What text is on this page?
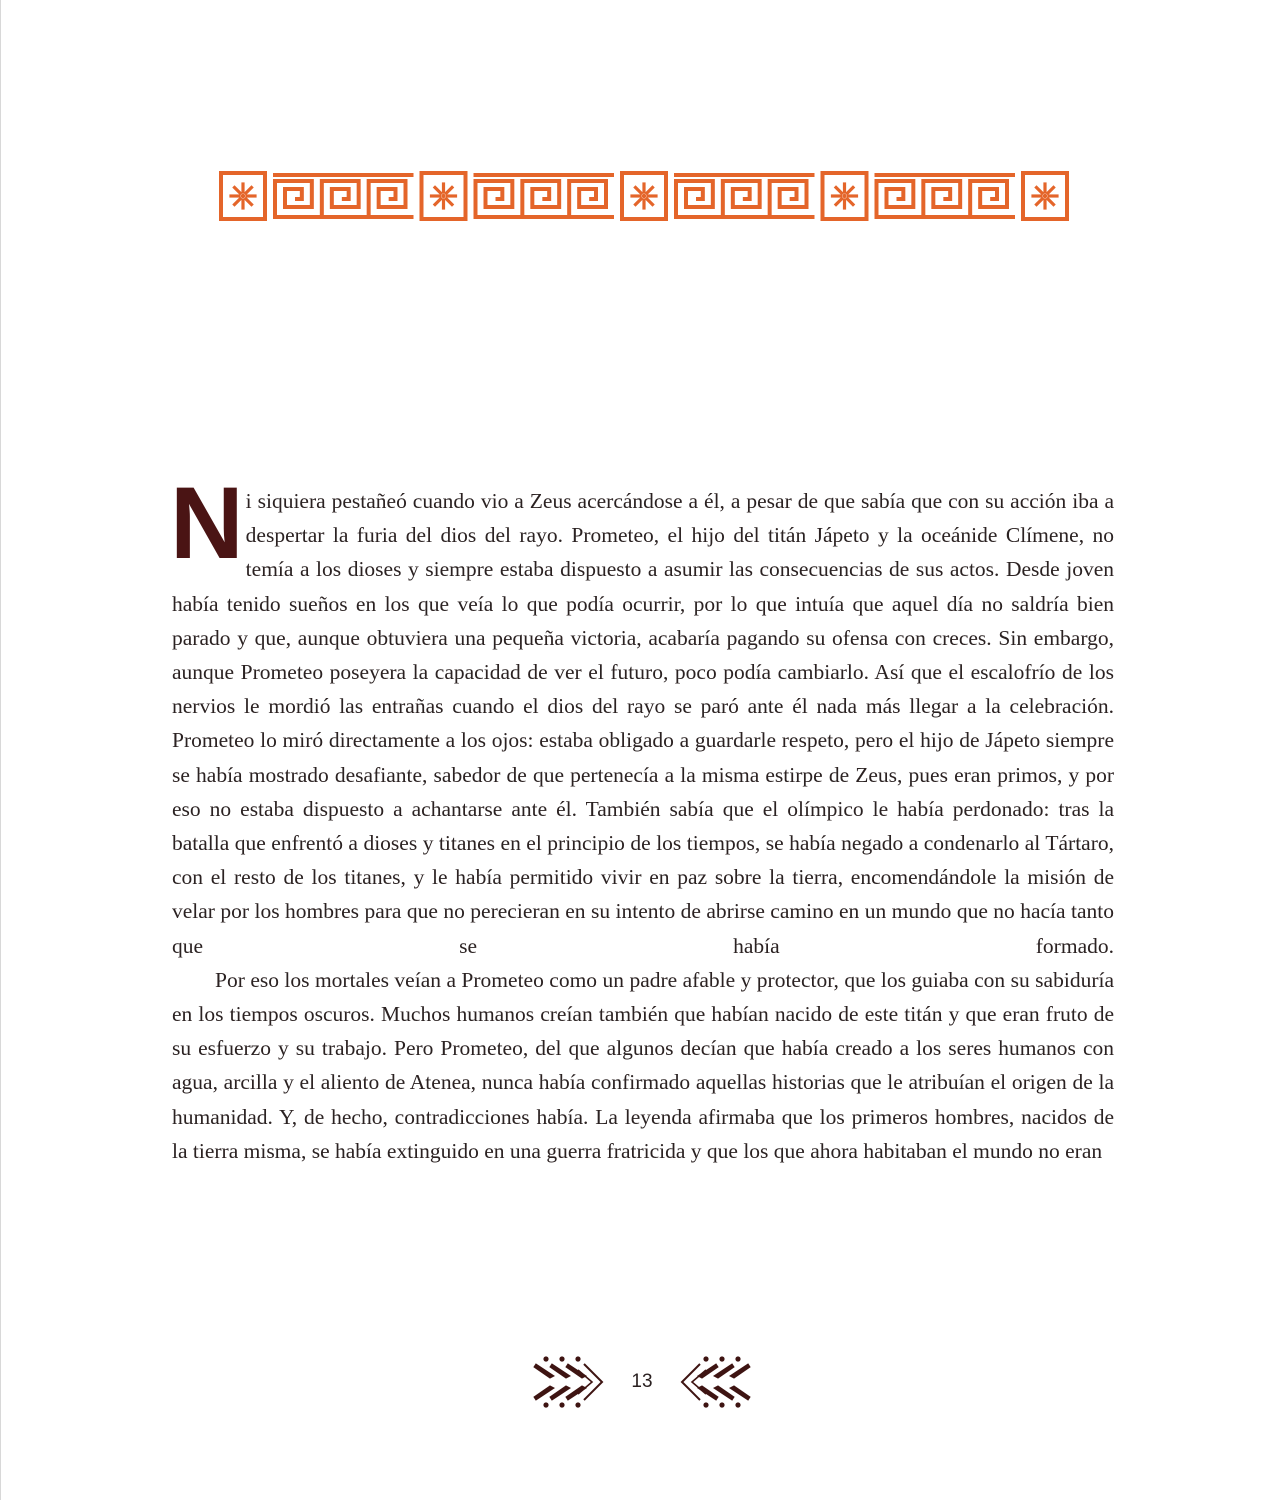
Ni siquiera pestañeó cuando vio a Zeus acercándose a él, a pesar de que sabía que con su acción iba a despertar la furia del dios del rayo. Prometeo, el hijo del titán Jápeto y la oceánide Clímene, no temía a los dioses y siempre estaba dispuesto a asumir las consecuencias de sus actos. Desde joven había tenido sueños en los que veía lo que podía ocurrir, por lo que intuía que aquel día no saldría bien parado y que, aunque obtuviera una pequeña victoria, acabaría pagando su ofensa con creces. Sin embargo, aunque Prometeo poseyera la capacidad de ver el futuro, poco podía cambiarlo. Así que el escalofrío de los nervios le mordió las entrañas cuando el dios del rayo se paró ante él nada más llegar a la celebración. Prometeo lo miró directamente a los ojos: estaba obligado a guardarle respeto, pero el hijo de Jápeto siempre se había mostrado desafiante, sabedor de que pertenecía a la misma estirpe de Zeus, pues eran primos, y por eso no estaba dispuesto a achantarse ante él. También sabía que el olímpico le había perdonado: tras la batalla que enfrentó a dioses y titanes en el principio de los tiempos, se había negado a condenarlo al Tártaro, con el resto de los titanes, y le había permitido vivir en paz sobre la tierra, encomendándole la misión de velar por los hombres para que no perecieran en su intento de abrirse camino en un mundo que no hacía tanto que se había formado.
Por eso los mortales veían a Prometeo como un padre afable y protector, que los guiaba con su sabiduría en los tiempos oscuros. Muchos humanos creían también que habían nacido de este titán y que eran fruto de su esfuerzo y su trabajo. Pero Prometeo, del que algunos decían que había creado a los seres humanos con agua, arcilla y el aliento de Atenea, nunca había confirmado aquellas historias que le atribuían el origen de la humanidad. Y, de hecho, contradicciones había. La leyenda afirmaba que los primeros hombres, nacidos de la tierra misma, se había extinguido en una guerra fratricida y que los que ahora habitaban el mundo no eran
13
